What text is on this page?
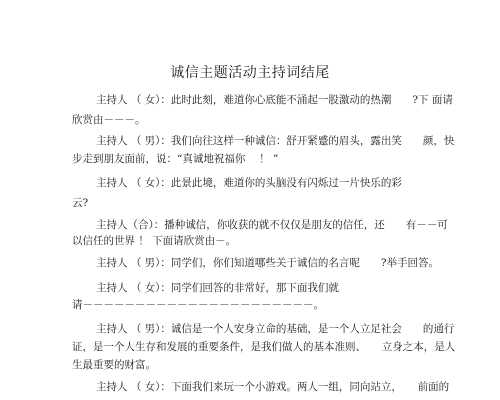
诚信主题活动主持词结尾
主持人 （ 女）：此时此刻，难道你心底能不涌起一股激动的热潮　　?下 面请
欣赏由－－－。
主持人 （ 男）：我们向往这样一种诚信：舒开紧蹙的眉头，露出笑　　颜，快
步走到朋友面前，说：“真诚地祝福你　 ！ ”
主持人 （ 女）：此景此境，难道你的头脑没有闪烁过一片快乐的彩
云?
主持人（合）：播种诚信，你收获的就不仅仅是朋友的信任，还　　有－－可
以信任的世界 ！ 下面请欣赏由－。
主持人 （ 男）：同学们，你们知道哪些关于诚信的名言呢　　?举手回答。
主持人 （ 女）：同学们回答的非常好，那下面我们就
请－－－－－－－－－－－－－－－－－－－－－－。
主持人 （ 男）：诚信是一个人安身立命的基础，是一个人立足社会　　的通行
证，是一个人生存和发展的重要条件，是我们做人的基本准则、　　立身之本，是人
生最重要的财富。
主持人 （ 女）：下面我们来玩一个小游戏。两人一组，同向站立，　　前面的
